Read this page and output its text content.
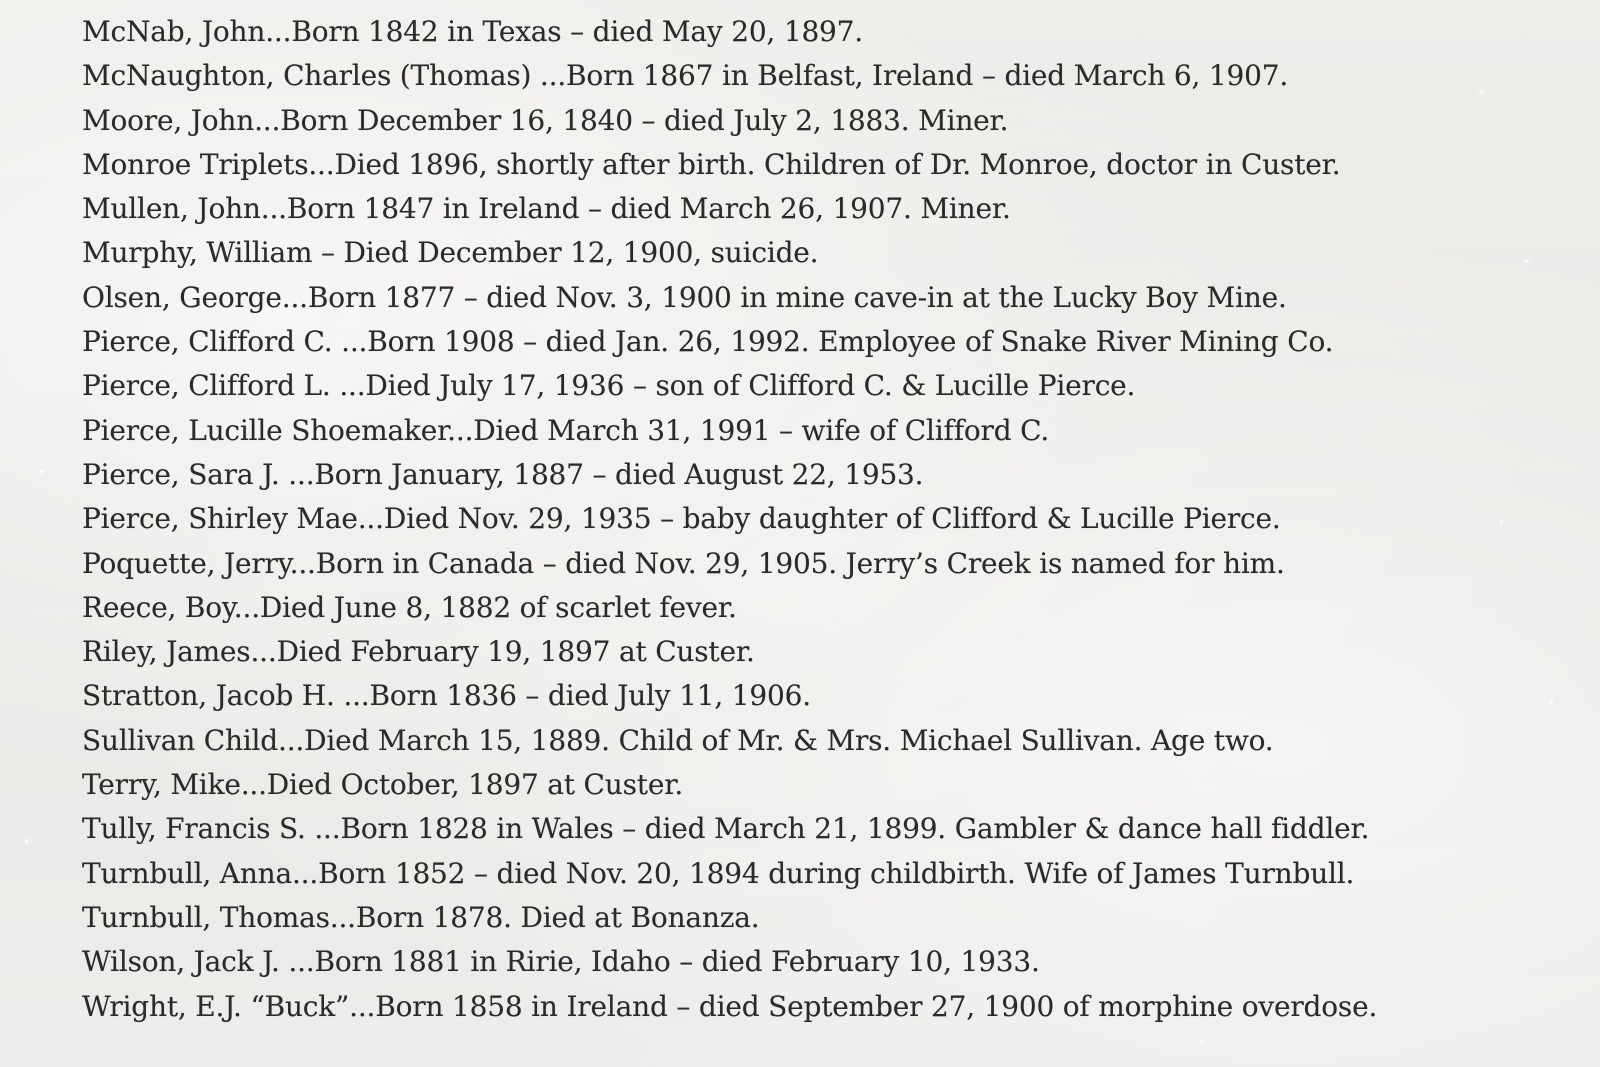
McNab, John...Born 1842 in Texas – died May 20, 1897.
McNaughton, Charles (Thomas) ...Born 1867 in Belfast, Ireland – died March 6, 1907.
Moore, John...Born December 16, 1840 – died July 2, 1883. Miner.
Monroe Triplets...Died 1896, shortly after birth. Children of Dr. Monroe, doctor in Custer.
Mullen, John...Born 1847 in Ireland – died March 26, 1907. Miner.
Murphy, William – Died December 12, 1900, suicide.
Olsen, George...Born 1877 – died Nov. 3, 1900 in mine cave-in at the Lucky Boy Mine.
Pierce, Clifford C. ...Born 1908 – died Jan. 26, 1992. Employee of Snake River Mining Co.
Pierce, Clifford L. ...Died July 17, 1936 – son of Clifford C. & Lucille Pierce.
Pierce, Lucille Shoemaker...Died March 31, 1991 – wife of Clifford C.
Pierce, Sara J. ...Born January, 1887 – died August 22, 1953.
Pierce, Shirley Mae...Died Nov. 29, 1935 – baby daughter of Clifford & Lucille Pierce.
Poquette, Jerry...Born in Canada – died Nov. 29, 1905. Jerry’s Creek is named for him.
Reece, Boy...Died June 8, 1882 of scarlet fever.
Riley, James...Died February 19, 1897 at Custer.
Stratton, Jacob H. ...Born 1836 – died July 11, 1906.
Sullivan Child...Died March 15, 1889. Child of Mr. & Mrs. Michael Sullivan. Age two.
Terry, Mike...Died October, 1897 at Custer.
Tully, Francis S. ...Born 1828 in Wales – died March 21, 1899. Gambler & dance hall fiddler.
Turnbull, Anna...Born 1852 – died Nov. 20, 1894 during childbirth. Wife of James Turnbull.
Turnbull, Thomas...Born 1878. Died at Bonanza.
Wilson, Jack J. ...Born 1881 in Ririe, Idaho – died February 10, 1933.
Wright, E.J. “Buck”...Born 1858 in Ireland – died September 27, 1900 of morphine overdose.
